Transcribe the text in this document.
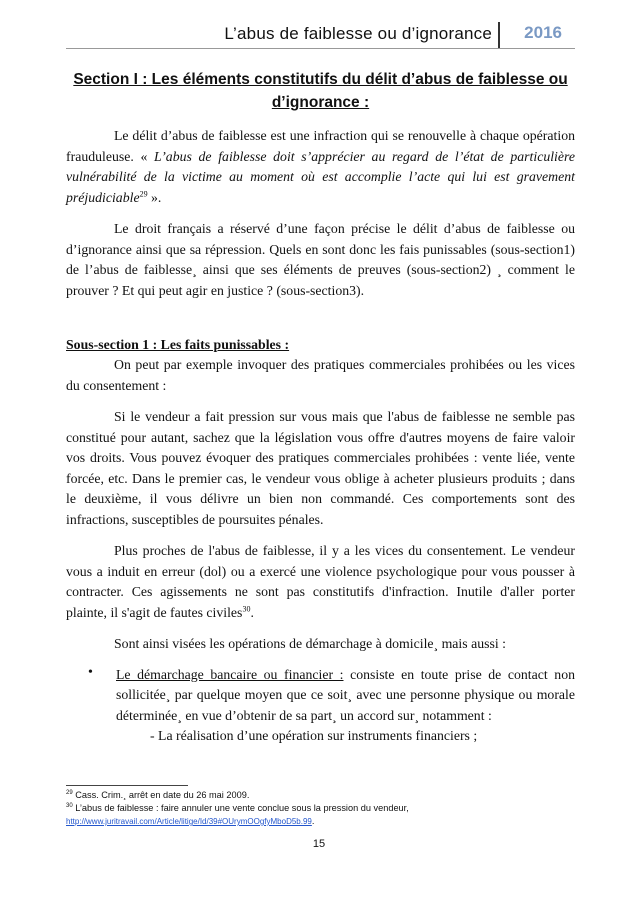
L’abus de faiblesse ou d’ignorance 2016
Section I : Les éléments constitutifs du délit d’abus de faiblesse ou d’ignorance :

Le délit d’abus de faiblesse est une infraction qui se renouvelle à chaque opération frauduleuse. « L’abus de faiblesse doit s’apprécier au regard de l’état de particulière vulnérabilité de la victime au moment où est accomplie l’acte qui lui est gravement préjudiciable$^{29}$ ».

Le droit français a réservé d’une façon précise le délit d’abus de faiblesse ou d’ignorance ainsi que sa répression. Quels en sont donc les fais punissables (sous-section1) de l’abus de faiblesse¸ ainsi que ses éléments de preuves (sous-section2) ¸ comment le prouver ? Et qui peut agir en justice ? (sous-section3).

Sous-section 1 : Les faits punissables :

On peut par exemple invoquer des pratiques commerciales prohibées ou les vices du consentement :

Si le vendeur a fait pression sur vous mais que l'abus de faiblesse ne semble pas constitué pour autant, sachez que la législation vous offre d'autres moyens de faire valoir vos droits. Vous pouvez évoquer des pratiques commerciales prohibées : vente liée, vente forcée, etc. Dans le premier cas, le vendeur vous oblige à acheter plusieurs produits ; dans le deuxième, il vous délivre un bien non commandé. Ces comportements sont des infractions, susceptibles de poursuites pénales.

Plus proches de l'abus de faiblesse, il y a les vices du consentement. Le vendeur vous a induit en erreur (dol) ou a exercé une violence psychologique pour vous pousser à contracter. Ces agissements ne sont pas constitutifs d'infraction. Inutile d'aller porter plainte, il s'agit de fautes civiles$^{30}$.

Sont ainsi visées les opérations de démarchage à domicile¸ mais aussi :

• Le démarchage bancaire ou financier : consiste en toute prise de contact non sollicitée¸ par quelque moyen que ce soit¸ avec une personne physique ou morale déterminée¸ en vue d’obtenir de sa part¸ un accord sur¸ notamment :

- La réalisation d’une opération sur instruments financiers ;
$^{29}$ Cass. Crim.¸ arrêt en date du 26 mai 2009.
$^{30}$ L’abus de faiblesse : faire annuler une vente conclue sous la pression du vendeur,
http://www.juritravail.com/Article/litige/Id/39#OUrymOOgfyMboD5b.99.
15
